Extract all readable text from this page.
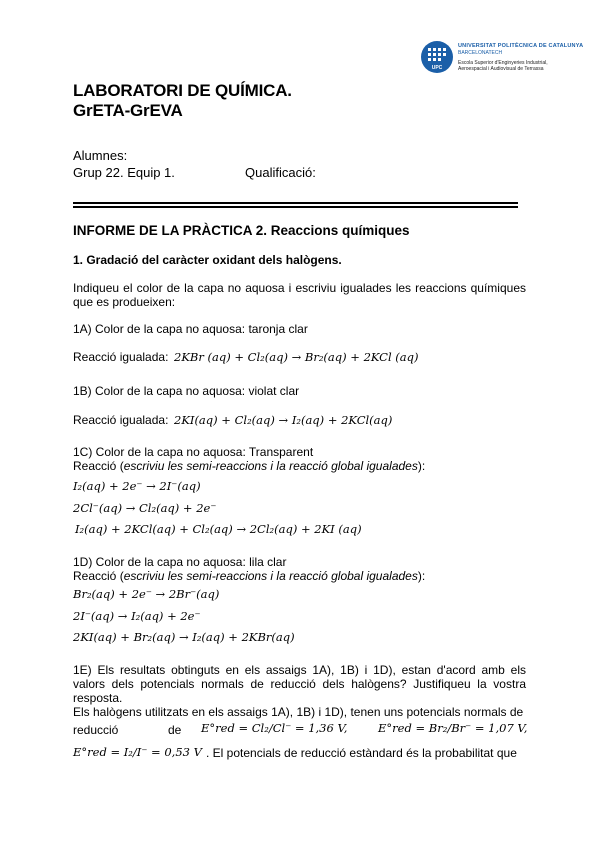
UPC
UNIVERSITAT POLITÈCNICA DE CATALUNYA
BARCELONATECH
Escola Superior d'Enginyeries Industrial,
Aeroespacial i Audiovisual de Terrassa
LABORATORI DE QUÍMICA.
GrETA-GrEVA
Alumnes:
Grup 22. Equip 1.	Qualificació:
INFORME DE LA PRÀCTICA 2. Reaccions químiques
1. Gradació del caràcter oxidant dels halògens.
Indiqueu el color de la capa no aquosa i escriviu igualades les reaccions químiques que es produeixen:
1A) Color de la capa no aquosa: taronja clar
Reacció igualada: 2KBr (aq) + Cl₂(aq) → Br₂(aq) + 2KCl (aq)
1B) Color de la capa no aquosa: violat clar
Reacció igualada: 2KI(aq) + Cl₂(aq) → I₂(aq) + 2KCl(aq)
1C) Color de la capa no aquosa: Transparent
Reacció (escriviu les semi-reaccions i la reacció global igualades):
I₂(aq) + 2e⁻ → 2I⁻(aq)
2Cl⁻(aq) → Cl₂(aq) + 2e⁻
I₂(aq) + 2KCl(aq) + Cl₂(aq) → 2Cl₂(aq) + 2KI (aq)
1D) Color de la capa no aquosa: lila clar
Reacció (escriviu les semi-reaccions i la reacció global igualades):
Br₂(aq) + 2e⁻ → 2Br⁻(aq)
2I⁻(aq) → I₂(aq) + 2e⁻
2KI(aq) + Br₂(aq) → I₂(aq) + 2KBr(aq)
1E) Els resultats obtinguts en els assaigs 1A), 1B) i 1D), estan d'acord amb els valors dels potencials normals de reducció dels halògens? Justifiqueu la vostra resposta.
Els halògens utilitzats en els assaigs 1A), 1B) i 1D), tenen uns potencials normals de
reducció	de E°red = Cl₂/Cl⁻ = 1,36 V,	E°red = Br₂/Br⁻ = 1,07 V,
E°red = I₂/I⁻ = 0,53 V . El potencials de reducció estàndard és la probabilitat que
